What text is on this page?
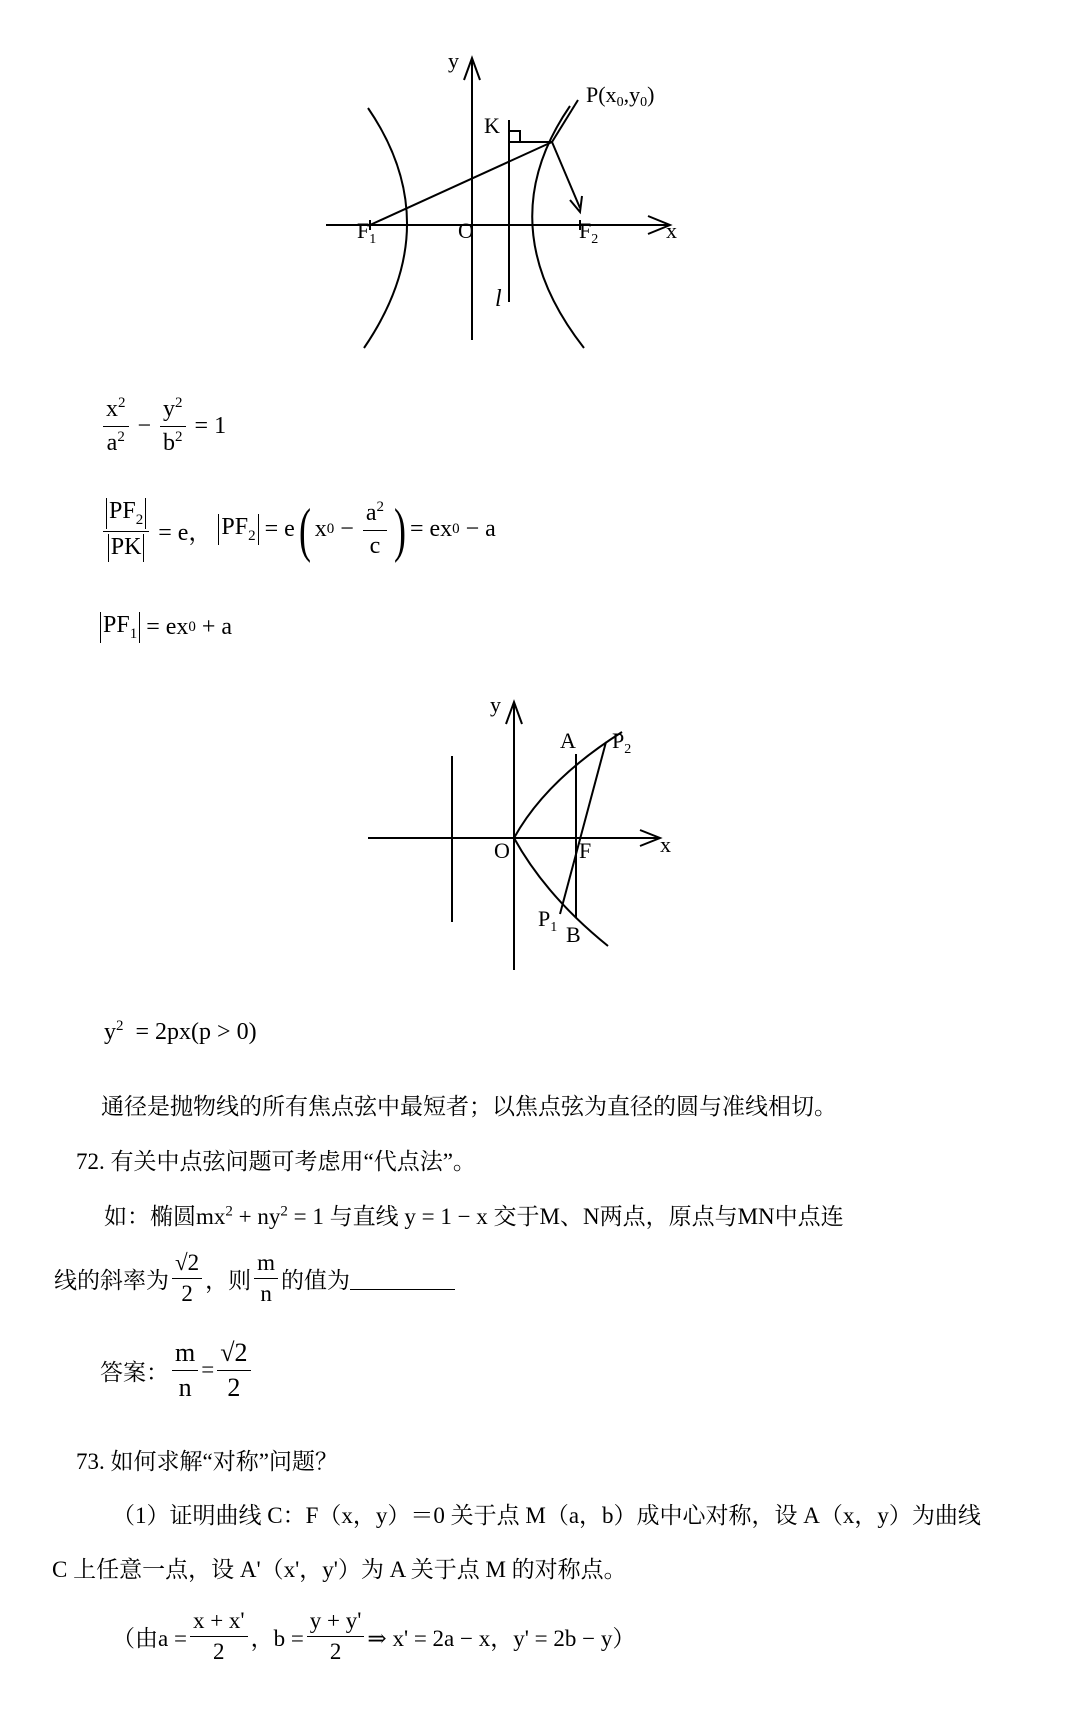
y
x
O
K
l
P(x0,y0)
$F_1$	$F_2$
$\frac{x^2}{a^2} - \frac{y^2}{b^2}$
= 1
$\frac{PF_2}{PK}$
= e， $PF_2$
= e ( x 0
−
$\frac{a^2}{c}$ ) = ex 0
− a
$PF_1$
= ex 0
+ a
y
x
O	F
A
B
$P_2$
$P_1$
$y^2 = 2px(p > 0)$
通径是抛物线的所有焦点弦中最短者；以焦点弦为直径的圆与准线相切。
72. 有关中点弦问题可考虑用“代点法”。
如：椭圆$mx^2 + ny^2 = 1$ 与直线 y = 1 − x 交于M、N两点，原点与MN中点连
线的斜率为 $\frac{√2}{2}$ ，则 $\frac{m}{n}$ 的值为
答案： $\frac{m}{n} = \frac{√2}{2}$
73. 如何求解“对称”问题？
（1）证明曲线 C：F（x，y）＝0 关于点 M（a，b）成中心对称，设 A（x，y）为曲线
C 上任意一点，设 A'（x'，y'）为 A 关于点 M 的对称点。
（由$a = \frac{x + x'}{2}$ ，$b = \frac{y + y'}{2}$ ⇒ x' = 2a − x，y' = 2b − y）
